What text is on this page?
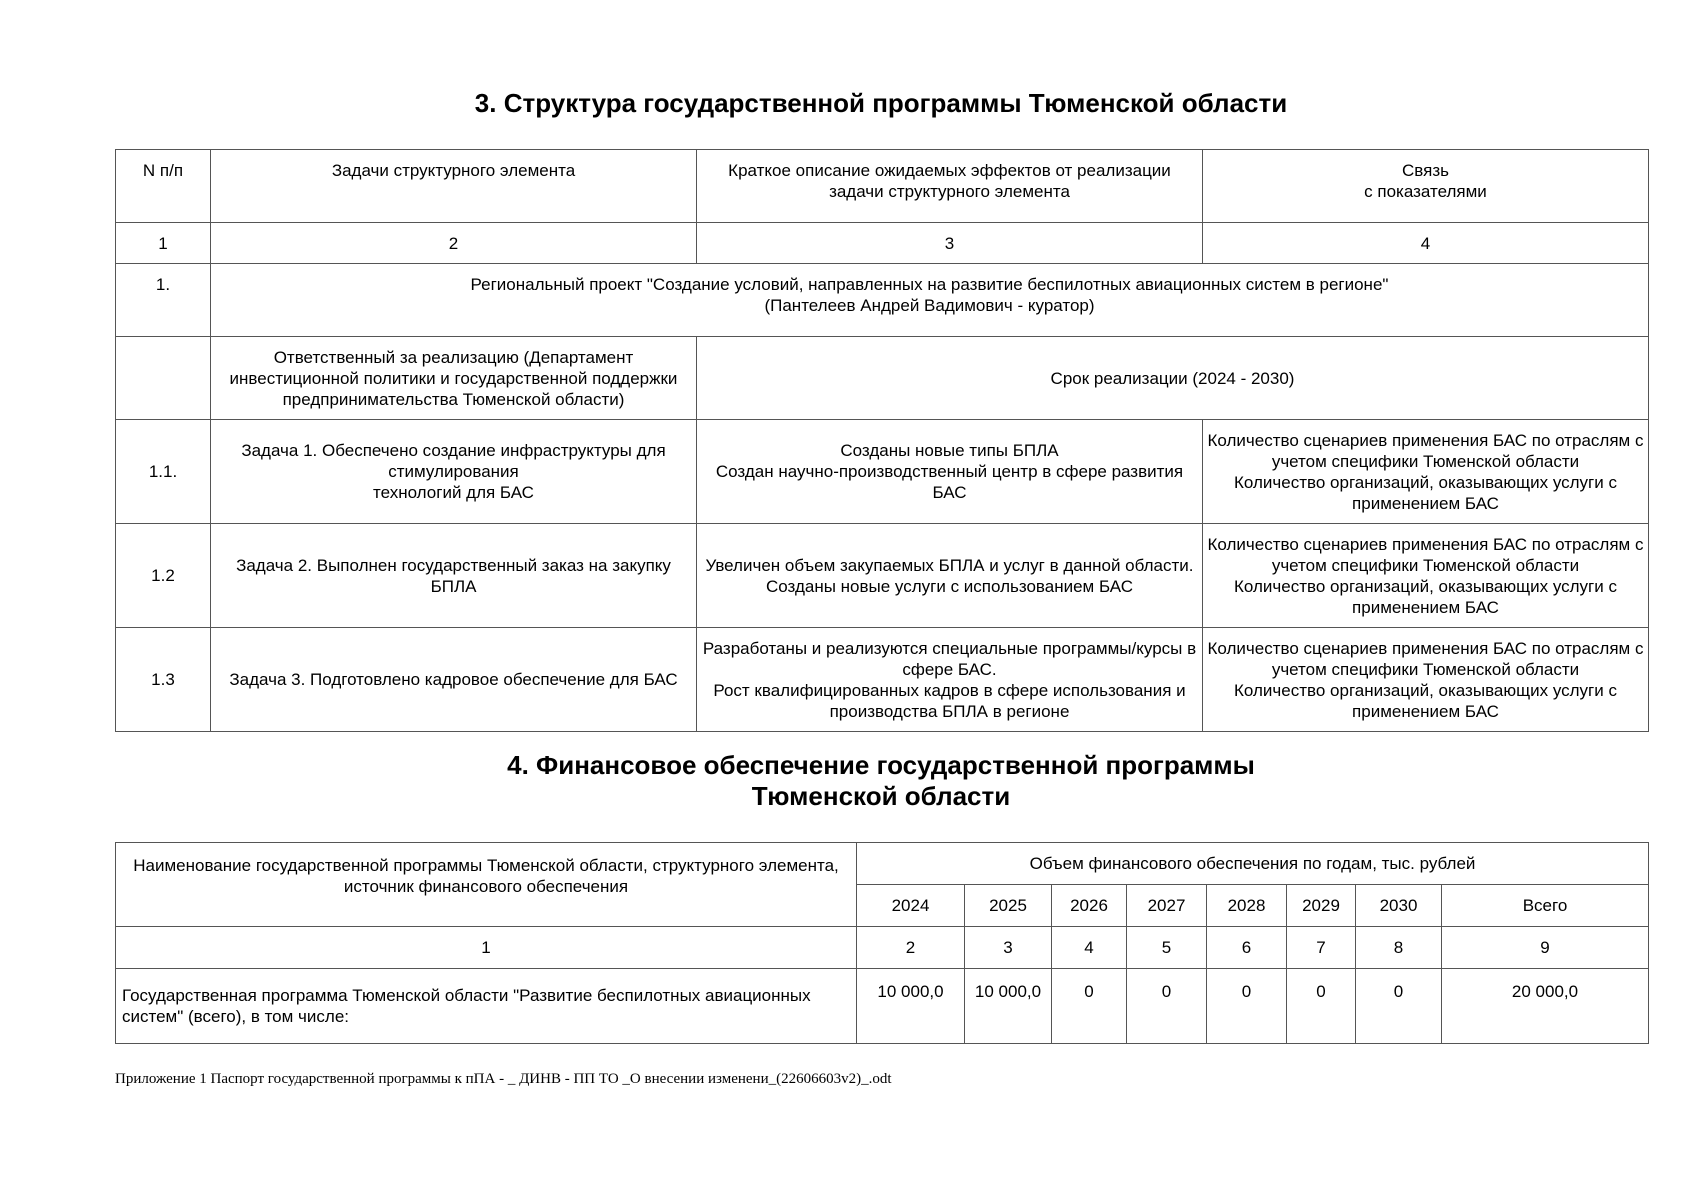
3. Структура государственной программы Тюменской области
N п/п	Задачи структурного элемента	Краткое описание ожидаемых эффектов от реализации
задачи структурного элемента	Связь
с показателями
1	2	3	4
1.	Региональный проект "Создание условий, направленных на развитие беспилотных авиационных систем в регионе"
(Пантелеев Андрей Вадимович - куратор)		
	Ответственный за реализацию (Департамент инвестиционной политики и государственной поддержки предпринимательства Тюменской области)	Срок реализации (2024 - 2030)	
1.1.	Задача 1. Обеспечено создание инфраструктуры для стимулирования
технологий для БАС	Созданы новые типы БПЛА
Создан научно-производственный центр в сфере развития БАС	Количество сценариев применения БАС по отраслям с учетом специфики Тюменской области
Количество организаций, оказывающих услуги с применением БАС
1.2	Задача 2. Выполнен государственный заказ на закупку БПЛА	Увеличен объем закупаемых БПЛА и услуг в данной области.
Созданы новые услуги с использованием БАС	Количество сценариев применения БАС по отраслям с учетом специфики Тюменской области
Количество организаций, оказывающих услуги с применением БАС
1.3	Задача 3. Подготовлено кадровое обеспечение для БАС	Разработаны и реализуются специальные программы/курсы в сфере БАС.
Рост квалифицированных кадров в сфере использования и производства БПЛА в регионе	Количество сценариев применения БАС по отраслям с учетом специфики Тюменской области
Количество организаций, оказывающих услуги с применением БАС
4. Финансовое обеспечение государственной программы
Тюменской области
Наименование государственной программы Тюменской области, структурного элемента, источник финансового обеспечения	Объем финансового обеспечения по годам, тыс. рублей							
	2024	2025	2026	2027	2028	2029	2030	Всего
1	2	3	4	5	6	7	8	9
Государственная программа Тюменской области "Развитие беспилотных авиационных систем" (всего), в том числе:	10 000,0	10 000,0	0	0	0	0	0	20 000,0
Приложение 1 Паспорт государственной программы к пПА - _ ДИНВ - ПП ТО _О внесении изменени_(22606603v2)_.odt
